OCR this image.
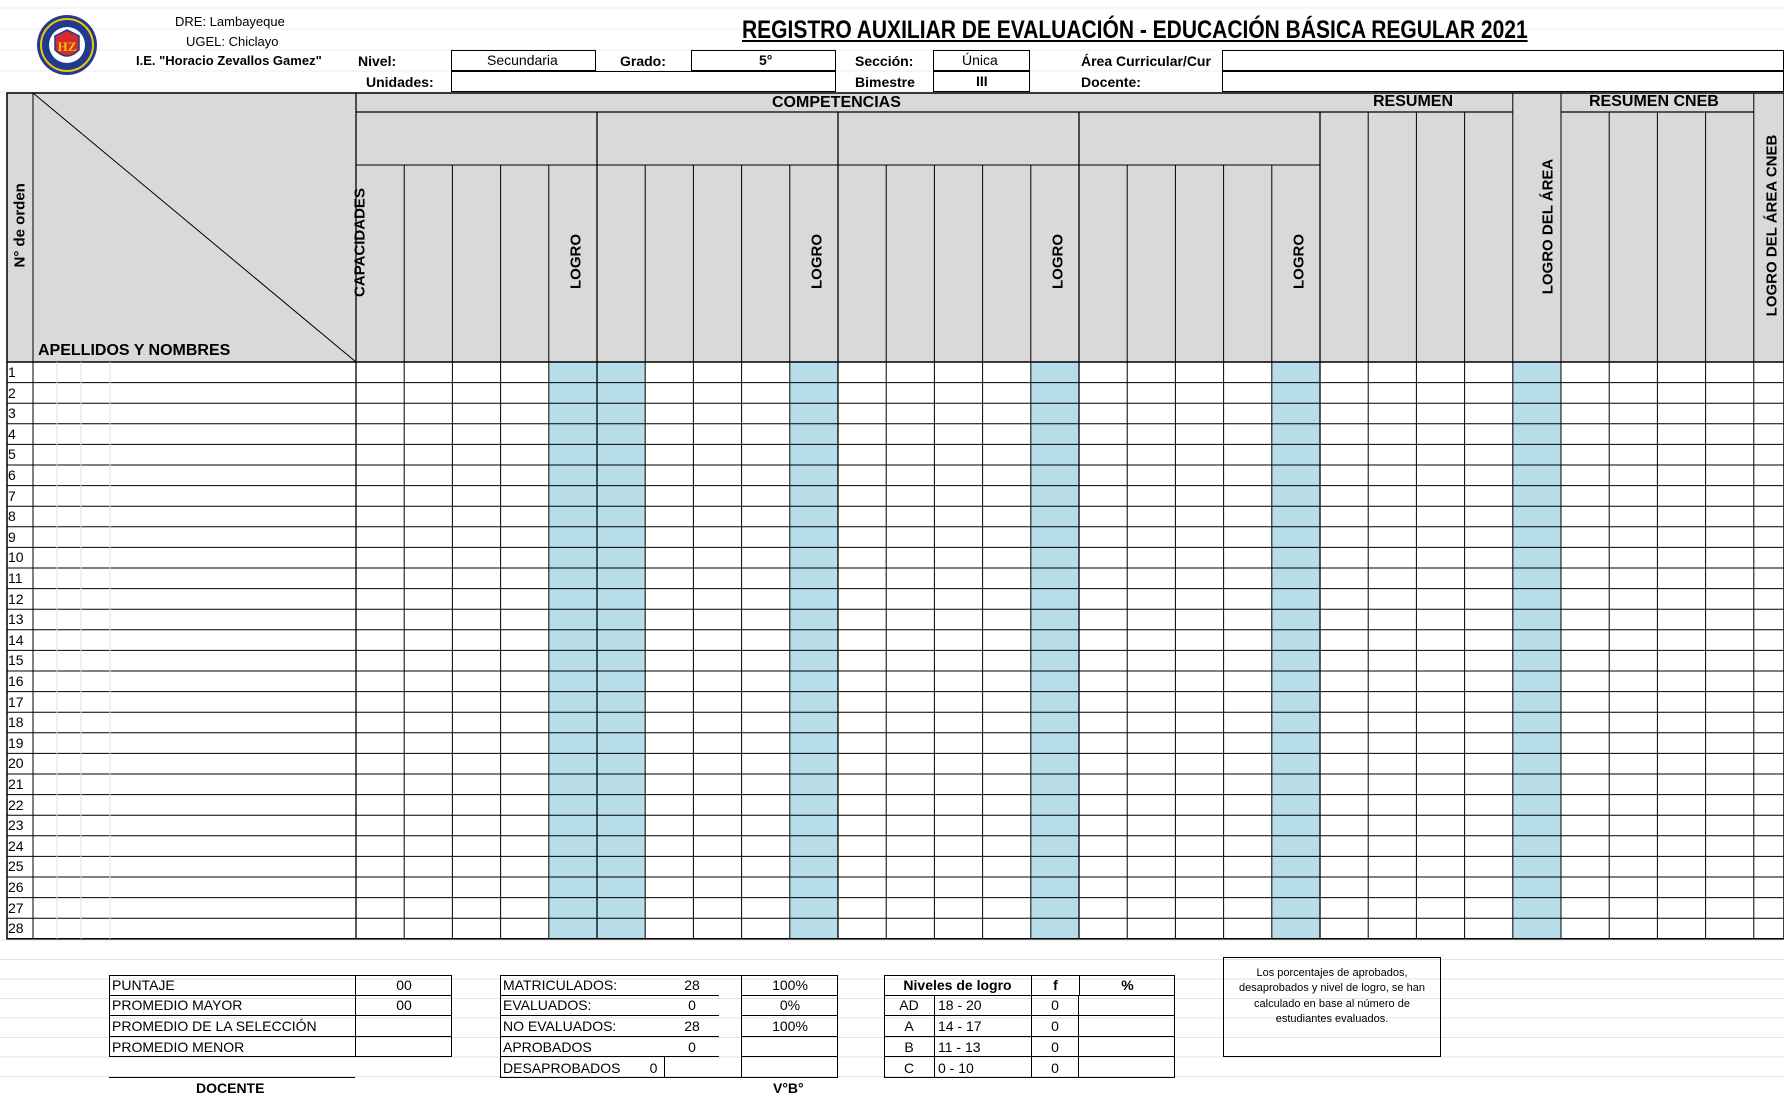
HZ
DRE: Lambayeque
UGEL: Chiclayo
I.E. "Horacio Zevallos Gamez"
REGISTRO AUXILIAR DE EVALUACIÓN - EDUCACIÓN BÁSICA REGULAR 2021
Nivel:	Secundaria	Grado:	5°	Sección:	Única	Área Curricular/Cur
Unidades:	Bimestre	III	Docente:
N° de orden	CAPACIDADES
APELLIDOS Y NOMBRES
COMPETENCIAS	RESUMEN	RESUMEN CNEB
LOGRO	LOGRO	LOGRO	LOGRO	LOGRO DEL ÁREA	LOGRO DEL ÁREA CNEB
1
2
3
4
5
6
7
8
9
10
11
12
13
14
15
16
17
18
19
20
21
22
23
24
25
26
27
28
PUNTAJE	00
PROMEDIO MAYOR	00
PROMEDIO DE LA SELECCIÓN
PROMEDIO MENOR
DOCENTE
MATRICULADOS:	28	100%
EVALUADOS:	0	0%
NO EVALUADOS:	28	100%
APROBADOS	0
DESAPROBADOS	0
V°B°
Niveles de logro	f	%
AD	18 - 20	0
A	14 - 17	0
B	11 - 13	0
C	0 - 10	0
Los porcentajes de aprobados, desaprobados y nivel de logro, se han calculado en base al número de estudiantes evaluados.
